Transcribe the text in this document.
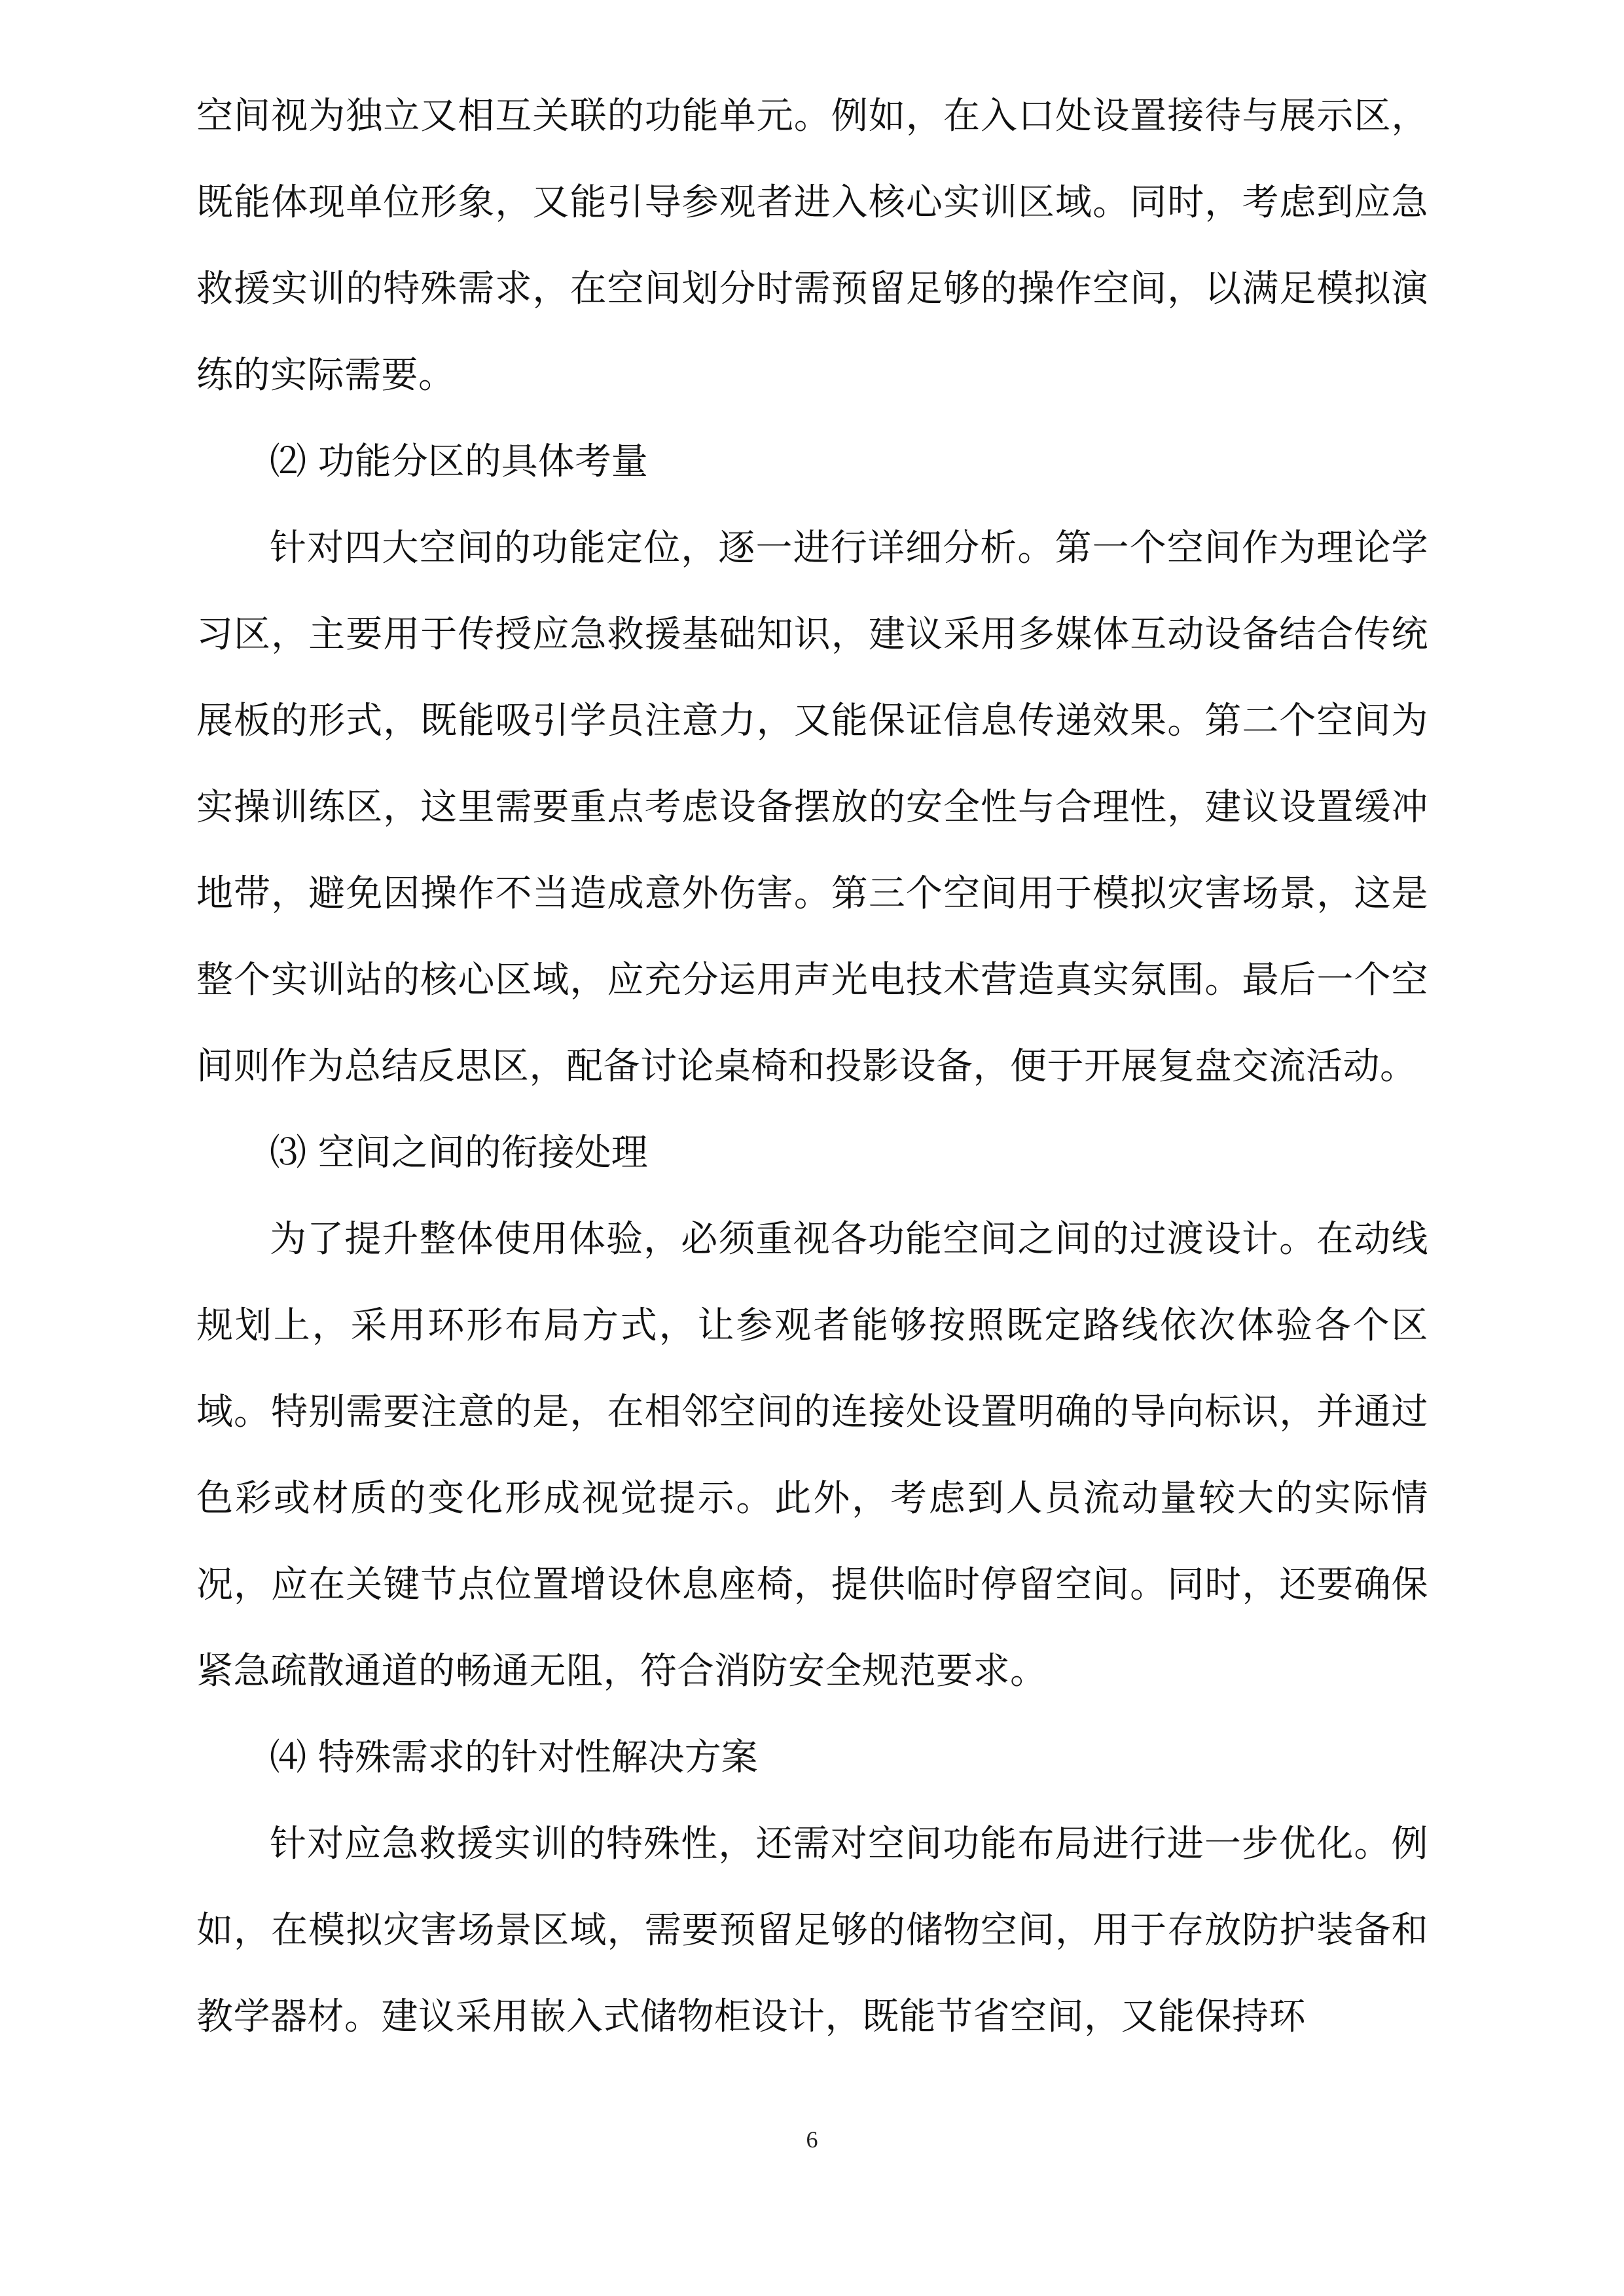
空间视为独立又相互关联的功能单元。例如，在入口处设置接待与展示区，既能体现单位形象，又能引导参观者进入核心实训区域。同时，考虑到应急救援实训的特殊需求，在空间划分时需预留足够的操作空间，以满足模拟演练的实际需要。

⑵ 功能分区的具体考量

针对四大空间的功能定位，逐一进行详细分析。第一个空间作为理论学习区，主要用于传授应急救援基础知识，建议采用多媒体互动设备结合传统展板的形式，既能吸引学员注意力，又能保证信息传递效果。第二个空间为实操训练区，这里需要重点考虑设备摆放的安全性与合理性，建议设置缓冲地带，避免因操作不当造成意外伤害。第三个空间用于模拟灾害场景，这是整个实训站的核心区域，应充分运用声光电技术营造真实氛围。最后一个空间则作为总结反思区，配备讨论桌椅和投影设备，便于开展复盘交流活动。

⑶ 空间之间的衔接处理

为了提升整体使用体验，必须重视各功能空间之间的过渡设计。在动线规划上，采用环形布局方式，让参观者能够按照既定路线依次体验各个区域。特别需要注意的是，在相邻空间的连接处设置明确的导向标识，并通过色彩或材质的变化形成视觉提示。此外，考虑到人员流动量较大的实际情况，应在关键节点位置增设休息座椅，提供临时停留空间。同时，还要确保紧急疏散通道的畅通无阻，符合消防安全规范要求。

⑷ 特殊需求的针对性解决方案

针对应急救援实训的特殊性，还需对空间功能布局进行进一步优化。例如，在模拟灾害场景区域，需要预留足够的储物空间，用于存放防护装备和教学器材。建议采用嵌入式储物柜设计，既能节省空间，又能保持环

6
